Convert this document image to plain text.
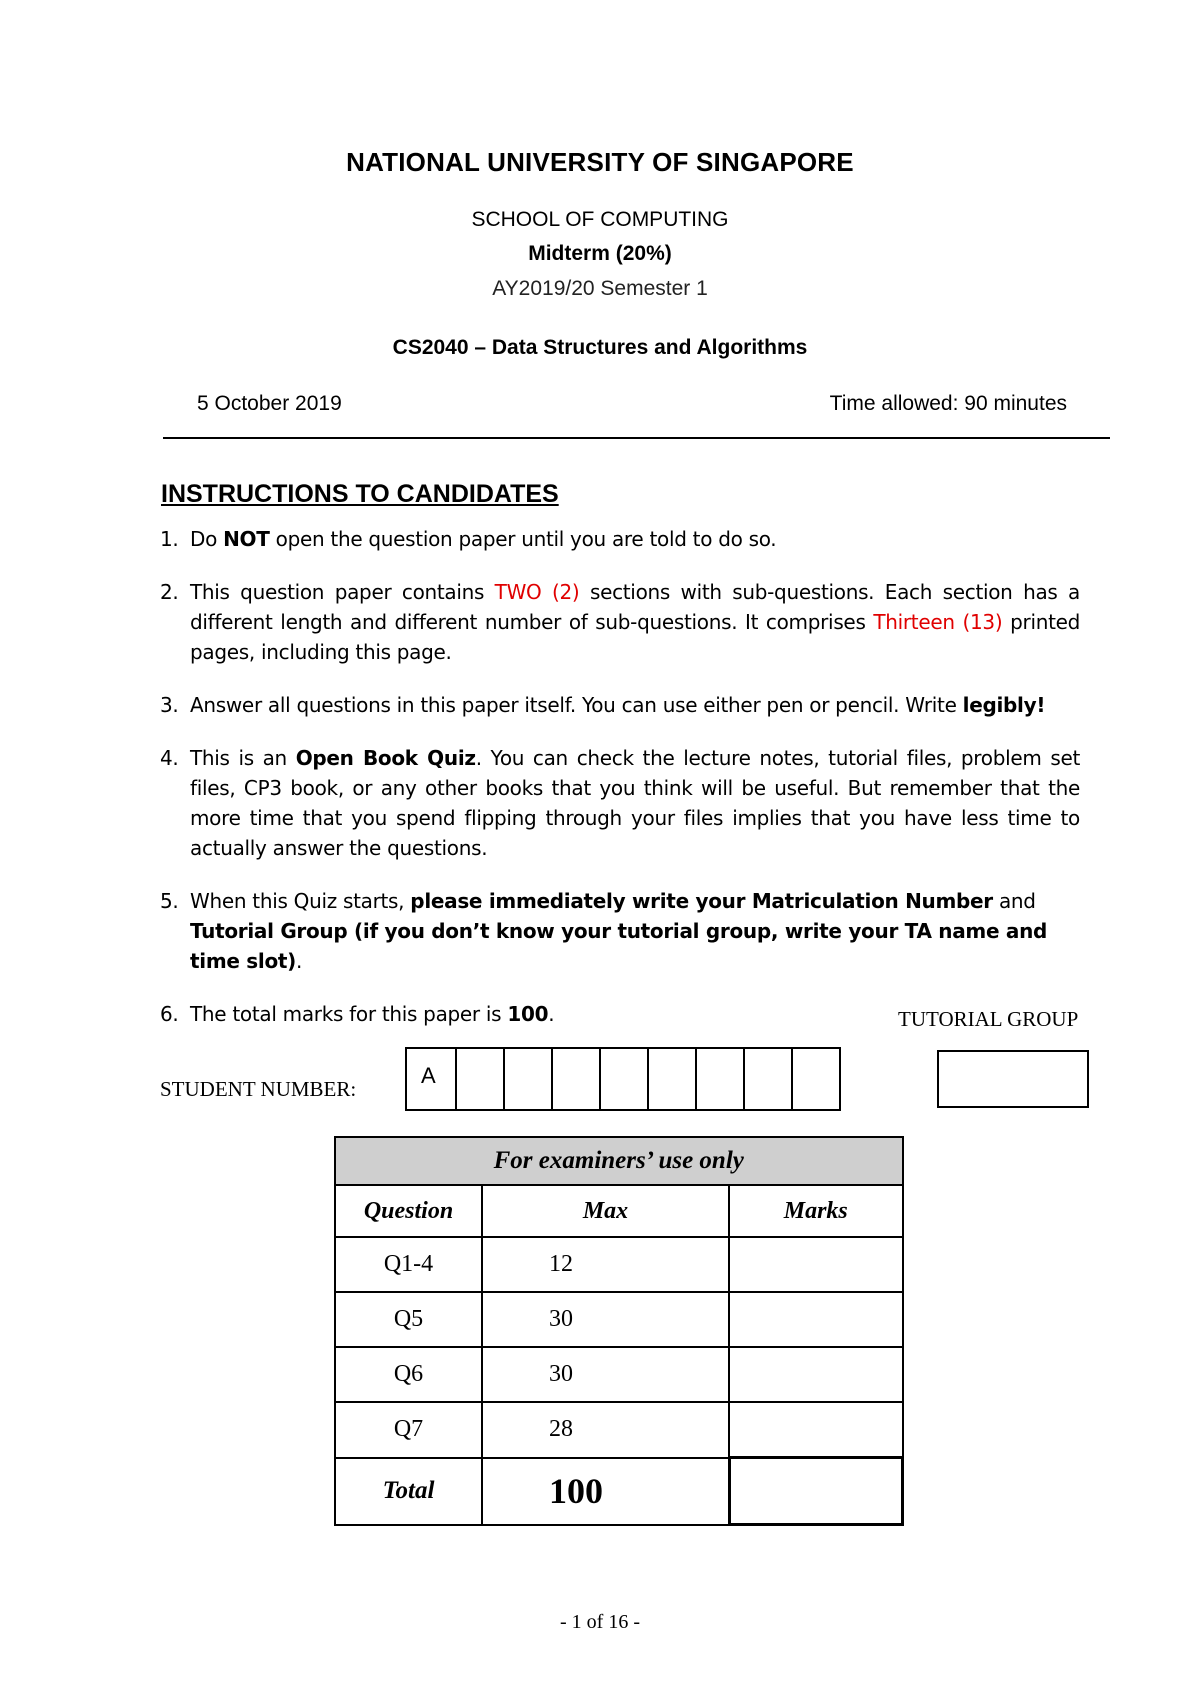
NATIONAL UNIVERSITY OF SINGAPORE
SCHOOL OF COMPUTING
Midterm (20%)
AY2019/20 Semester 1
CS2040 – Data Structures and Algorithms
5 October 2019	Time allowed: 90 minutes
INSTRUCTIONS TO CANDIDATES
1. Do NOT open the question paper until you are told to do so.
2. This question paper contains TWO (2) sections with sub-questions. Each section has a different length and different number of sub-questions. It comprises Thirteen (13) printed pages, including this page.
3. Answer all questions in this paper itself. You can use either pen or pencil. Write legibly!
4. This is an Open Book Quiz. You can check the lecture notes, tutorial files, problem set files, CP3 book, or any other books that you think will be useful. But remember that the more time that you spend flipping through your files implies that you have less time to actually answer the questions.
5. When this Quiz starts, please immediately write your Matriculation Number and Tutorial Group (if you don’t know your tutorial group, write your TA name and time slot).
6. The total marks for this paper is 100.	TUTORIAL GROUP
STUDENT NUMBER:
A
For examiners’ use only		
Question	Max	Marks
Q1-4	12	
Q5	30	
Q6	30	
Q7	28	
Total	100	
- 1 of 16 -
